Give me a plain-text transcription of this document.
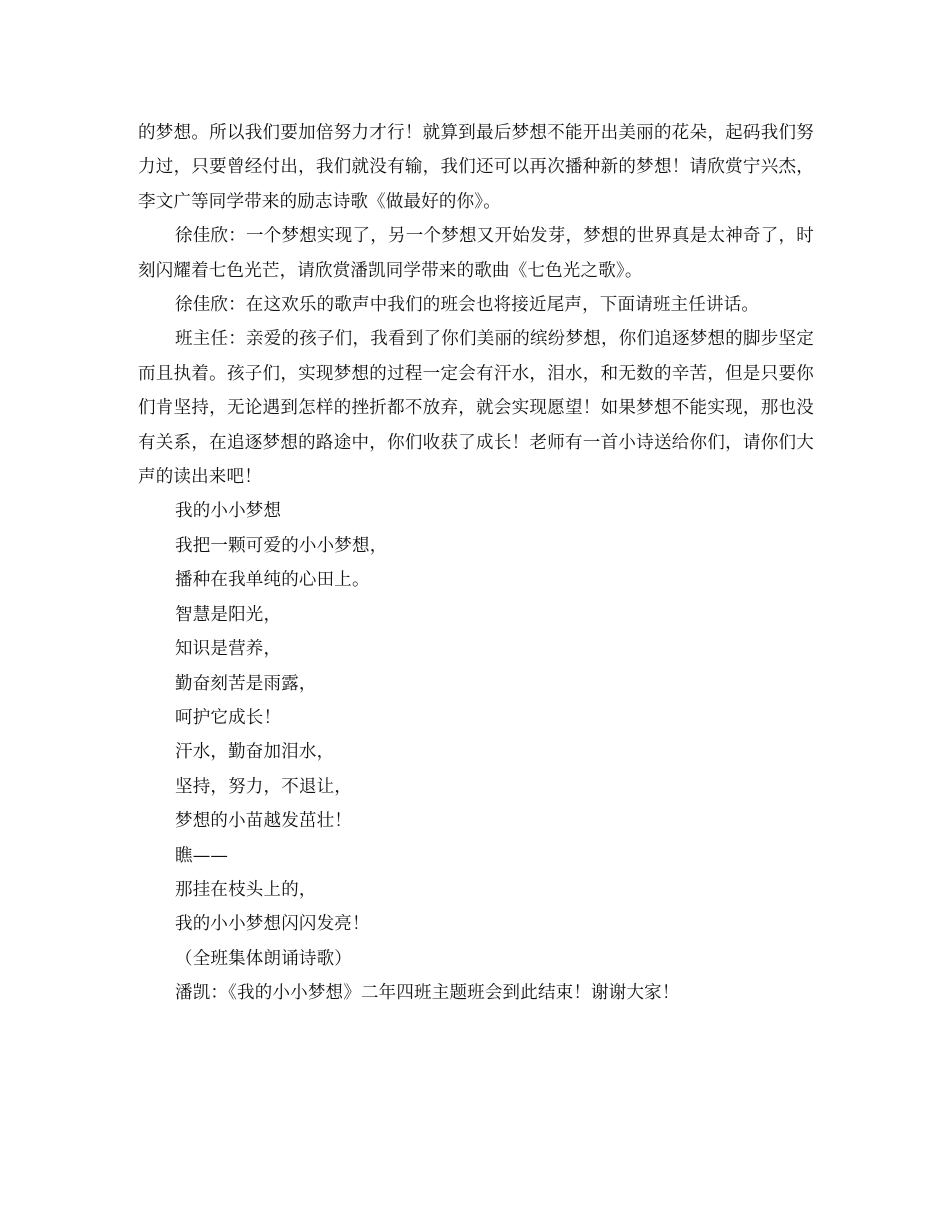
的梦想。所以我们要加倍努力才行！就算到最后梦想不能开出美丽的花朵，起码我们努力过，只要曾经付出，我们就没有输，我们还可以再次播种新的梦想！请欣赏宁兴杰，李文广等同学带来的励志诗歌《做最好的你》。

徐佳欣：一个梦想实现了，另一个梦想又开始发芽，梦想的世界真是太神奇了，时刻闪耀着七色光芒，请欣赏潘凯同学带来的歌曲《七色光之歌》。

徐佳欣：在这欢乐的歌声中我们的班会也将接近尾声，下面请班主任讲话。

班主任：亲爱的孩子们，我看到了你们美丽的缤纷梦想，你们追逐梦想的脚步坚定而且执着。孩子们，实现梦想的过程一定会有汗水，泪水，和无数的辛苦，但是只要你们肯坚持，无论遇到怎样的挫折都不放弃，就会实现愿望！如果梦想不能实现，那也没有关系，在追逐梦想的路途中，你们收获了成长！老师有一首小诗送给你们，请你们大声的读出来吧！

我的小小梦想

我把一颗可爱的小小梦想，

播种在我单纯的心田上。

智慧是阳光，

知识是营养，

勤奋刻苦是雨露，

呵护它成长！

汗水，勤奋加泪水，

坚持，努力，不退让，

梦想的小苗越发茁壮！

瞧——

那挂在枝头上的，

我的小小梦想闪闪发亮！

（全班集体朗诵诗歌）

潘凯：《我的小小梦想》二年四班主题班会到此结束！谢谢大家！
